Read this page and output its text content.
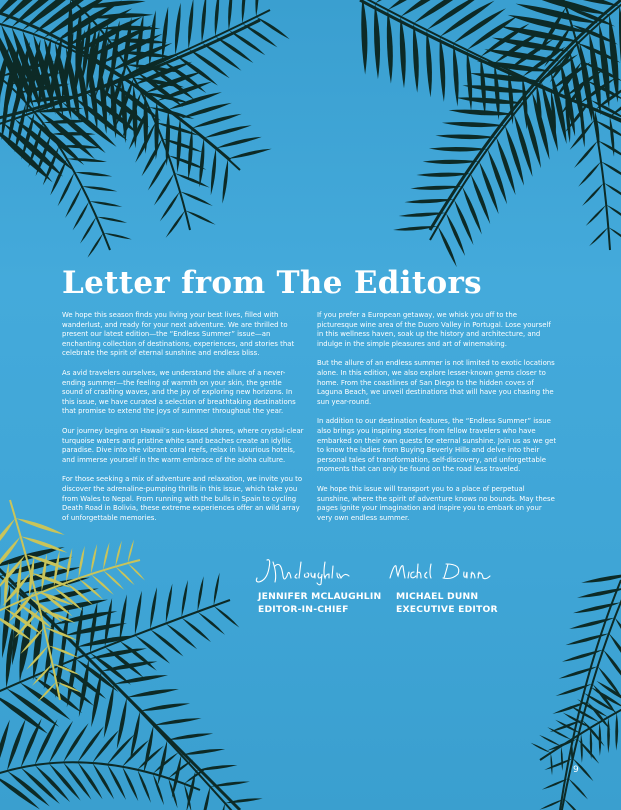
Letter from The Editors

We hope this season finds you living your best lives, filled with wanderlust, and ready for your next adventure. We are thrilled to present our latest edition—the “Endless Summer” issue—an enchanting collection of destinations, experiences, and stories that celebrate the spirit of eternal sunshine and endless bliss.

As avid travelers ourselves, we understand the allure of a never-ending summer—the feeling of warmth on your skin, the gentle sound of crashing waves, and the joy of exploring new horizons. In this issue, we have curated a selection of breathtaking destinations that promise to extend the joys of summer throughout the year.

Our journey begins on Hawaii’s sun-kissed shores, where crystal-clear turquoise waters and pristine white sand beaches create an idyllic paradise. Dive into the vibrant coral reefs, relax in luxurious hotels, and immerse yourself in the warm embrace of the aloha culture.

For those seeking a mix of adventure and relaxation, we invite you to discover the adrenaline-pumping thrills in this issue, which take you from Wales to Nepal. From running with the bulls in Spain to cycling Death Road in Bolivia, these extreme experiences offer an wild array of unforgettable memories.

If you prefer a European getaway, we whisk you off to the picturesque wine area of the Duoro Valley in Portugal. Lose yourself in this wellness haven, soak up the history and architecture, and indulge in the simple pleasures and art of winemaking.

But the allure of an endless summer is not limited to exotic locations alone. In this edition, we also explore lesser-known gems closer to home. From the coastlines of San Diego to the hidden coves of Laguna Beach, we unveil destinations that will have you chasing the sun year-round.

In addition to our destination features, the “Endless Summer” issue also brings you inspiring stories from fellow travelers who have embarked on their own quests for eternal sunshine. Join us as we get to know the ladies from Buying Beverly Hills and delve into their personal tales of transformation, self-discovery, and unforgettable moments that can only be found on the road less traveled.

We hope this issue will transport you to a place of perpetual sunshine, where the spirit of adventure knows no bounds. May these pages ignite your imagination and inspire you to embark on your very own endless summer.

JENNIFER MCLAUGHLIN
EDITOR-IN-CHIEF
MICHAEL DUNN
EXECUTIVE EDITOR
9
